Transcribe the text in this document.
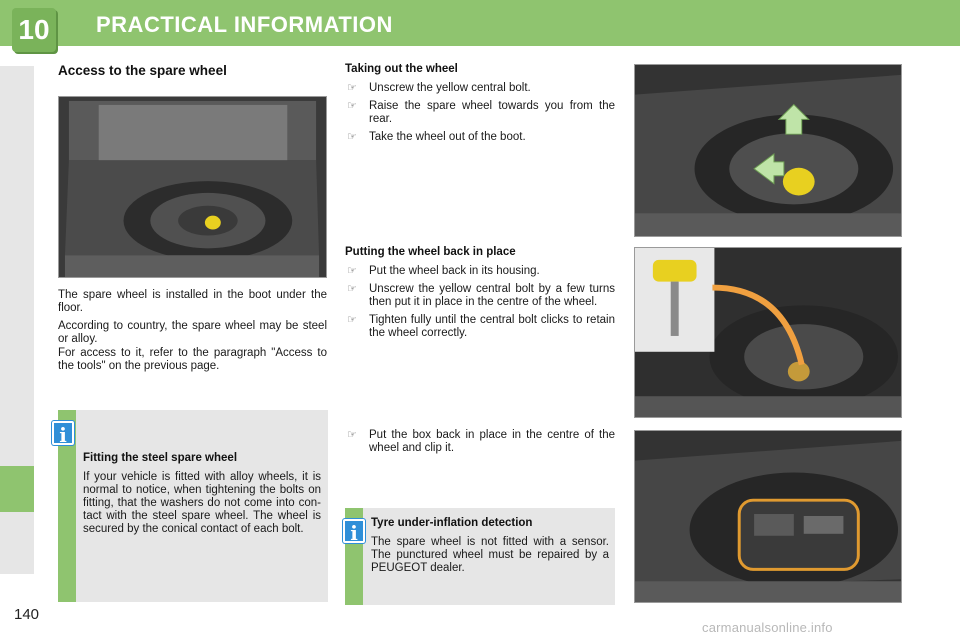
10 PRACTICAL INFORMATION
140
Access to the spare wheel
The spare wheel is installed in the boot under the floor.
According to country, the spare wheel may be steel or alloy.
For access to it, refer to the paragraph "Access to the tools" on the previous page.
i
Fitting the steel spare wheel
If your vehicle is fitted with alloy wheels, it is normal to notice, when tightening the bolts on fitting, that the washers do not come into con- tact with the steel spare wheel. The wheel is secured by the conical contact of each bolt.
Taking out the wheel
☞ Unscrew the yellow central bolt.
☞ Raise the spare wheel towards you from the rear.
☞ Take the wheel out of the boot.
Putting the wheel back in place
☞ Put the wheel back in its housing.
☞ Unscrew the yellow central bolt by a few turns then put it in place in the centre of the wheel.
☞ Tighten fully until the central bolt clicks to retain the wheel correctly.
☞ Put the box back in place in the centre of the wheel and clip it.
i	Tyre under-inflation detection
The spare wheel is not fitted with a sensor. The punctured wheel must be repaired by a PEUGEOT dealer.
carmanualsonline.info
